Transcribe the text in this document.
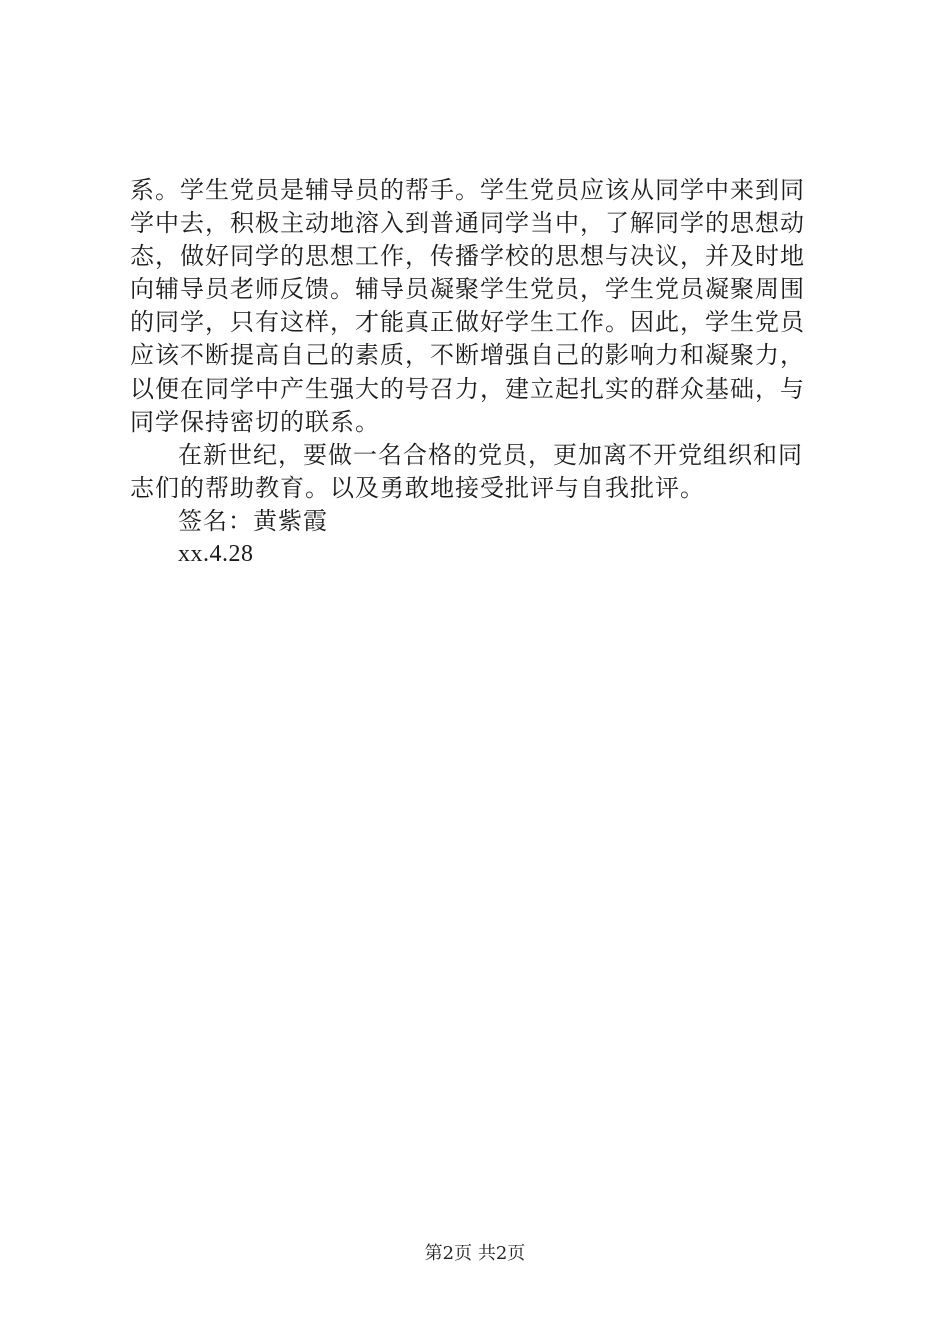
系。学生党员是辅导员的帮手。学生党员应该从同学中来到同
学中去，积极主动地溶入到普通同学当中，了解同学的思想动
态，做好同学的思想工作，传播学校的思想与决议，并及时地
向辅导员老师反馈。辅导员凝聚学生党员，学生党员凝聚周围
的同学，只有这样，才能真正做好学生工作。因此，学生党员
应该不断提高自己的素质，不断增强自己的影响力和凝聚力，
以便在同学中产生强大的号召力，建立起扎实的群众基础，与
同学保持密切的联系。
在新世纪，要做一名合格的党员，更加离不开党组织和同
志们的帮助教育。以及勇敢地接受批评与自我批评。
签名：黄紫霞
xx.4.28
第2页 共2页
